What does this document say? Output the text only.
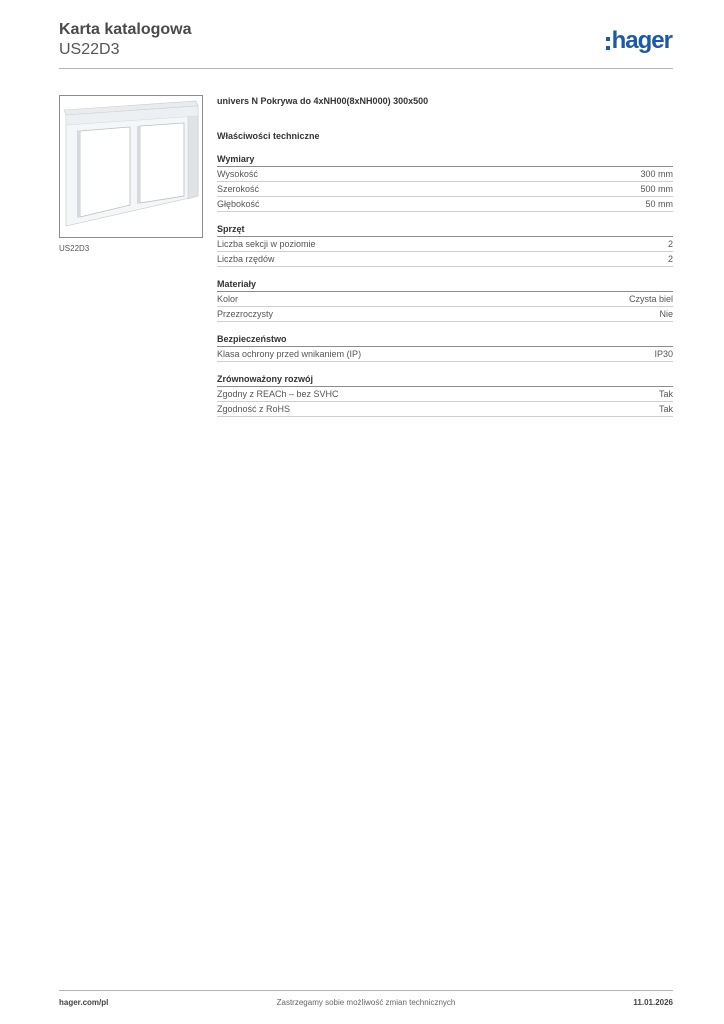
Karta katalogowa
US22D3	hager
US22D3
univers N Pokrywa do 4xNH00(8xNH000) 300x500
Właściwości techniczne
Wymiary
Wysokość	300 mm
Szerokość	500 mm
Głębokość	50 mm
Sprzęt
Liczba sekcji w poziomie	2
Liczba rzędów	2
Materiały
Kolor	Czysta biel
Przezroczysty	Nie
Bezpieczeństwo
Klasa ochrony przed wnikaniem (IP)	IP30
Zrównoważony rozwój
Zgodny z REACh – bez SVHC	Tak
Zgodność z RoHS	Tak
hager.com/pl	Zastrzegamy sobie możliwość zmian technicznych	11.01.2026
